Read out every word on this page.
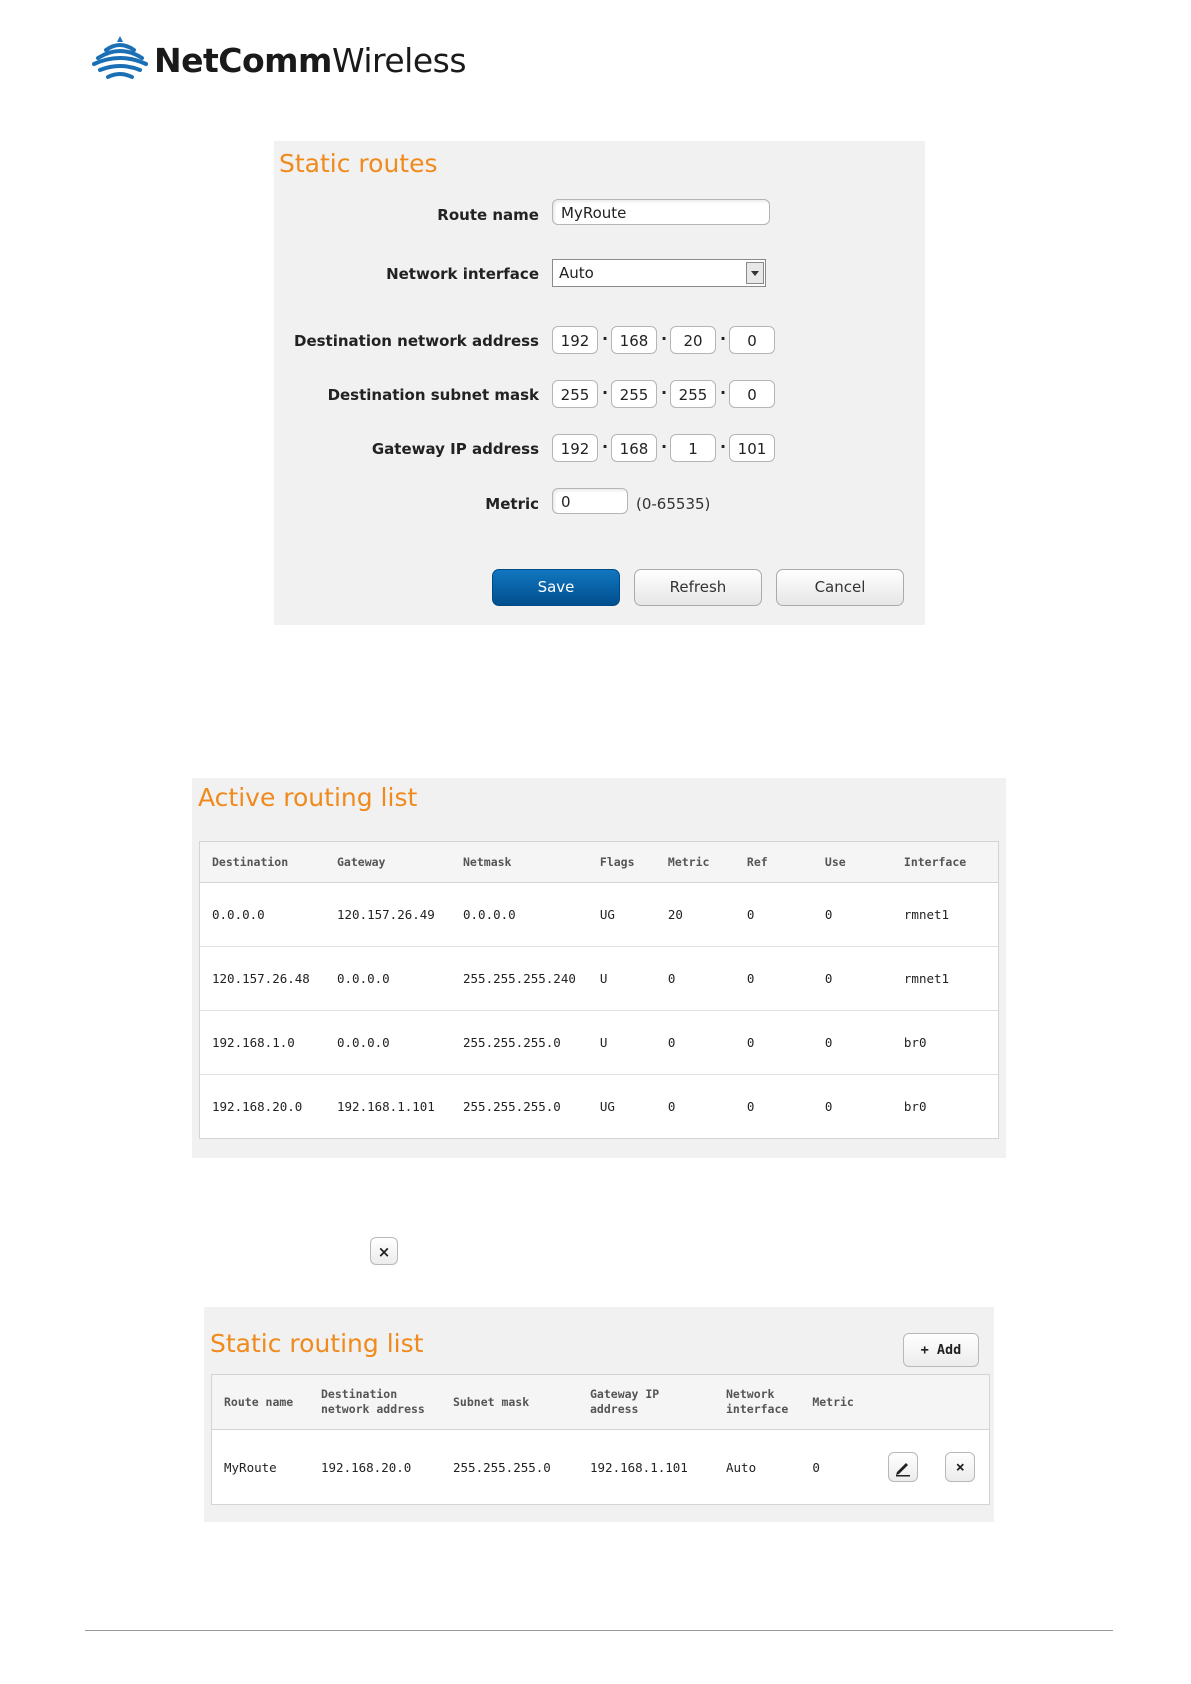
NetCommWireless
Static routes
Route name	MyRoute
Network interface	Auto
Destination network address	192 · 168 ·	20	·	0
Destination subnet mask	255 · 255 · 255 ·	0
Gateway IP address	192 · 168 ·	1	· 101
Metric	0	(0-65535)
Save	Refresh	Cancel
Active routing list
Destination	Gateway	Netmask	Flags	Metric	Ref	Use	Interface
0.0.0.0	120.157.26.49	0.0.0.0	UG	20	0	0	rmnet1
120.157.26.48	0.0.0.0	255.255.255.240	U	0	0	0	rmnet1
192.168.1.0	0.0.0.0	255.255.255.0	U	0	0	0	br0
192.168.20.0	192.168.1.101	255.255.255.0	UG	0	0	0	br0
×
Static routing list	+ Add
Route name	Destination network address	Subnet mask	Gateway IP address	Network interface	Metric		
MyRoute	192.168.20.0	255.255.255.0	192.168.1.101	Auto	0		×
